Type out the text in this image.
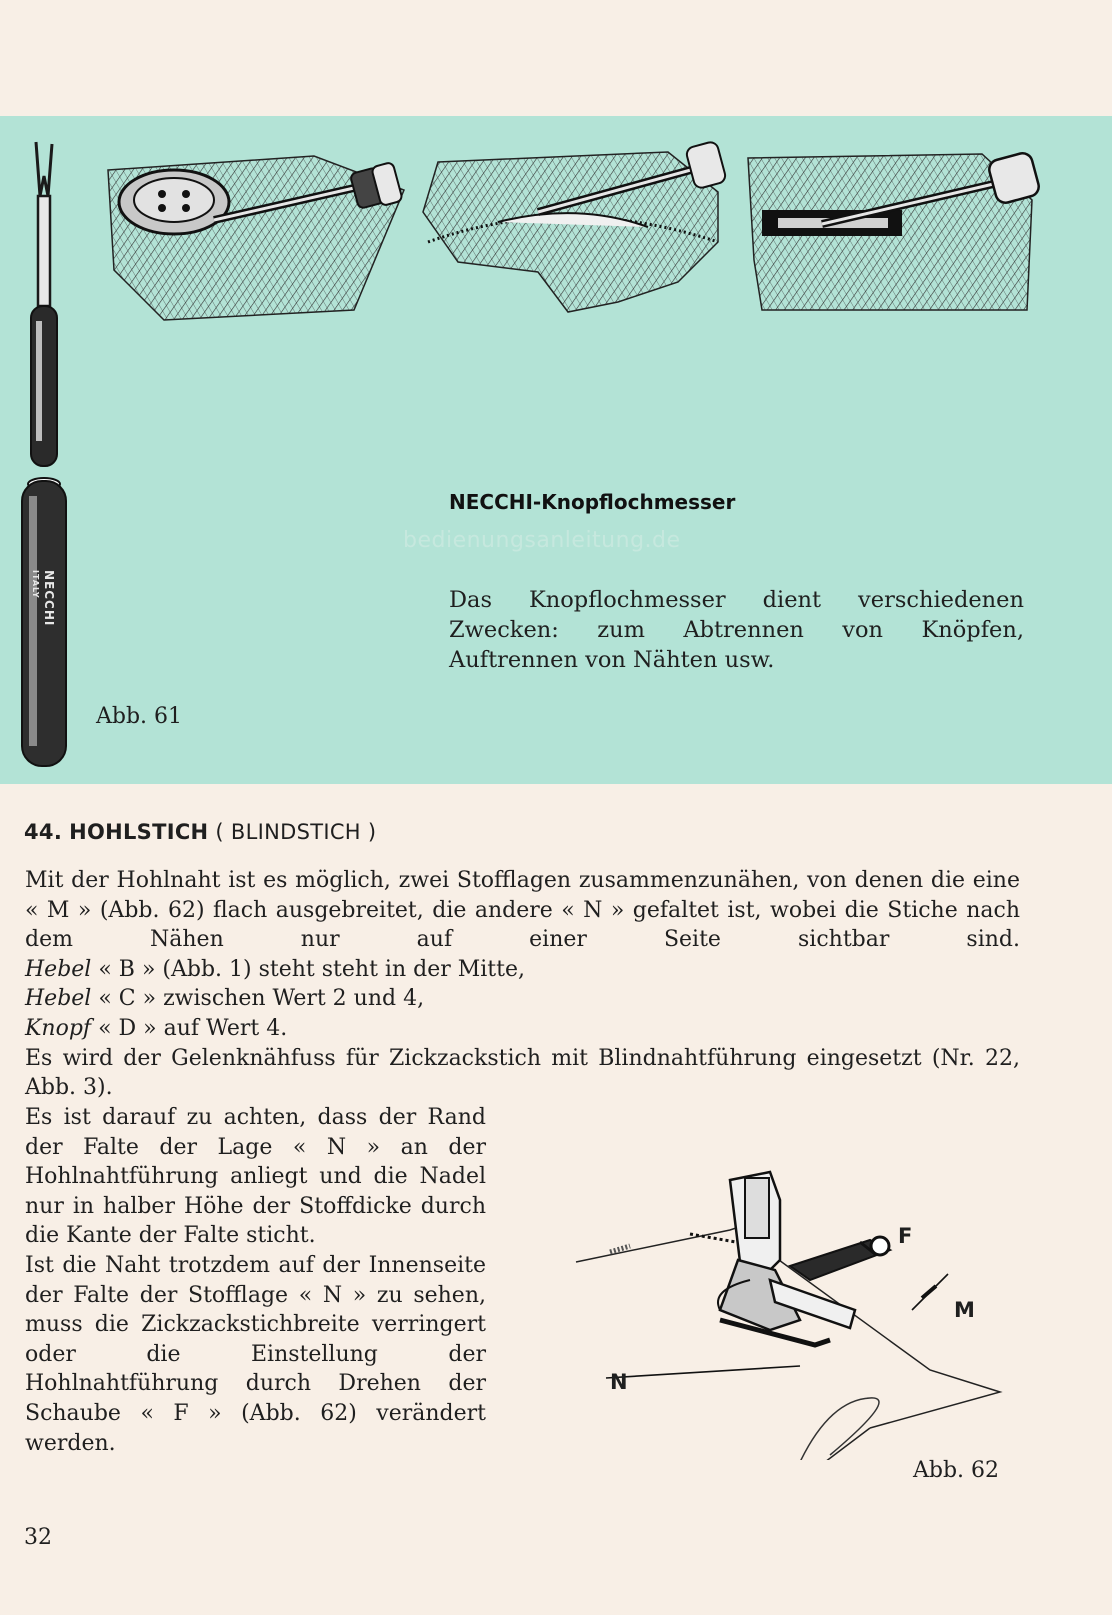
NECCHI ITALY
NECCHI-Knopflochmesser
bedienungsanleitung.de
Das Knopflochmesser dient verschiedenen Zwecken: zum Abtrennen von Knöpfen, Auftrennen von Nähten usw.
Abb. 61
44. HOHLSTICH ( BLINDSTICH )

Mit der Hohlnaht ist es möglich, zwei Stofflagen zusammenzunähen, von denen die eine « M » (Abb. 62) flach ausgebreitet, die andere « N » gefaltet ist, wobei die Stiche nach dem Nähen nur auf einer Seite sichtbar sind.

Hebel « B » (Abb. 1) steht steht in der Mitte,

Hebel « C » zwischen Wert 2 und 4,

Knopf « D » auf Wert 4.

Es wird der Gelenknähfuss für Zickzackstich mit Blindnahtführung eingesetzt (Nr. 22, Abb. 3).

Es ist darauf zu achten, dass der Rand der Falte der Lage « N » an der Hohlnahtführung anliegt und die Nadel nur in halber Höhe der Stoffdicke durch die Kante der Falte sticht.

Ist die Naht trotzdem auf der Innenseite der Falte der Stofflage « N » zu sehen, muss die Zickzackstichbreite verringert oder die Einstellung der Hohlnahtführung durch Drehen der Schaube « F » (Abb. 62) verändert werden.

F
M
N
Abb. 62
32
